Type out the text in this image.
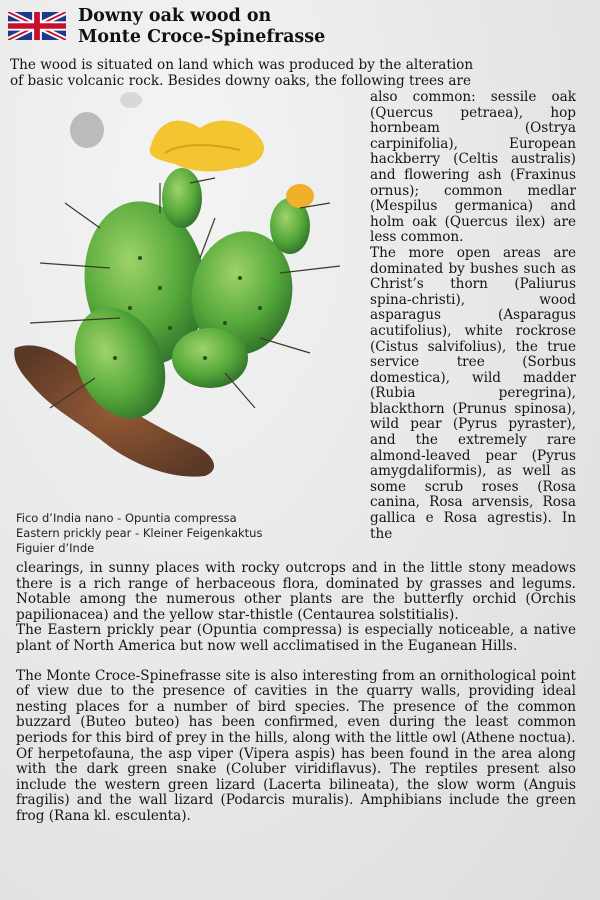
Downy oak wood on
Monte Croce-Spinefrasse
The wood is situated on land which was produced by the alteration
of basic volcanic rock. Besides downy oaks, the following trees are

also common: sessile oak (Quercus petraea), hop hornbeam (Ostrya carpinifolia), European hackberry (Celtis australis) and flowering ash (Fraxinus ornus); common medlar (Mespilus germanica) and holm oak (Quercus ilex) are less common.

The more open areas are dominated by bushes such as Christ’s thorn (Paliurus spina-christi), wood asparagus (Asparagus acutifolius), white rockrose (Cistus salvifolius), the true service tree (Sorbus domestica), wild madder (Rubia peregrina), blackthorn (Prunus spinosa), wild pear (Pyrus pyraster), and the extremely rare almond-leaved pear (Pyrus amygdaliformis), as well as some scrub roses (Rosa canina, Rosa arvensis, Rosa gallica e Rosa agrestis). In the

Fico d’India nano - Opuntia compressa
Eastern prickly pear - Kleiner Feigenkaktus
Figuier d’Inde

clearings, in sunny places with rocky outcrops and in the little stony meadows there is a rich range of herbaceous flora, dominated by grasses and legums. Notable among the numerous other plants are the butterfly orchid (Orchis papilionacea) and the yellow star-thistle (Centaurea solstitialis).

The Eastern prickly pear (Opuntia compressa) is especially noticeable, a native plant of North America but now well acclimatised in the Euganean Hills.

The Monte Croce-Spinefrasse site is also interesting from an ornithological point of view due to the presence of cavities in the quarry walls, providing ideal nesting places for a number of bird species. The presence of the common buzzard (Buteo buteo) has been confirmed, even during the least common periods for this bird of prey in the hills, along with the little owl (Athene noctua).

Of herpetofauna, the asp viper (Vipera aspis) has been found in the area along with the dark green snake (Coluber viridiflavus). The reptiles present also include the western green lizard (Lacerta bilineata), the slow worm (Anguis fragilis) and the wall lizard (Podarcis muralis). Amphibians include the green frog (Rana kl. esculenta).
